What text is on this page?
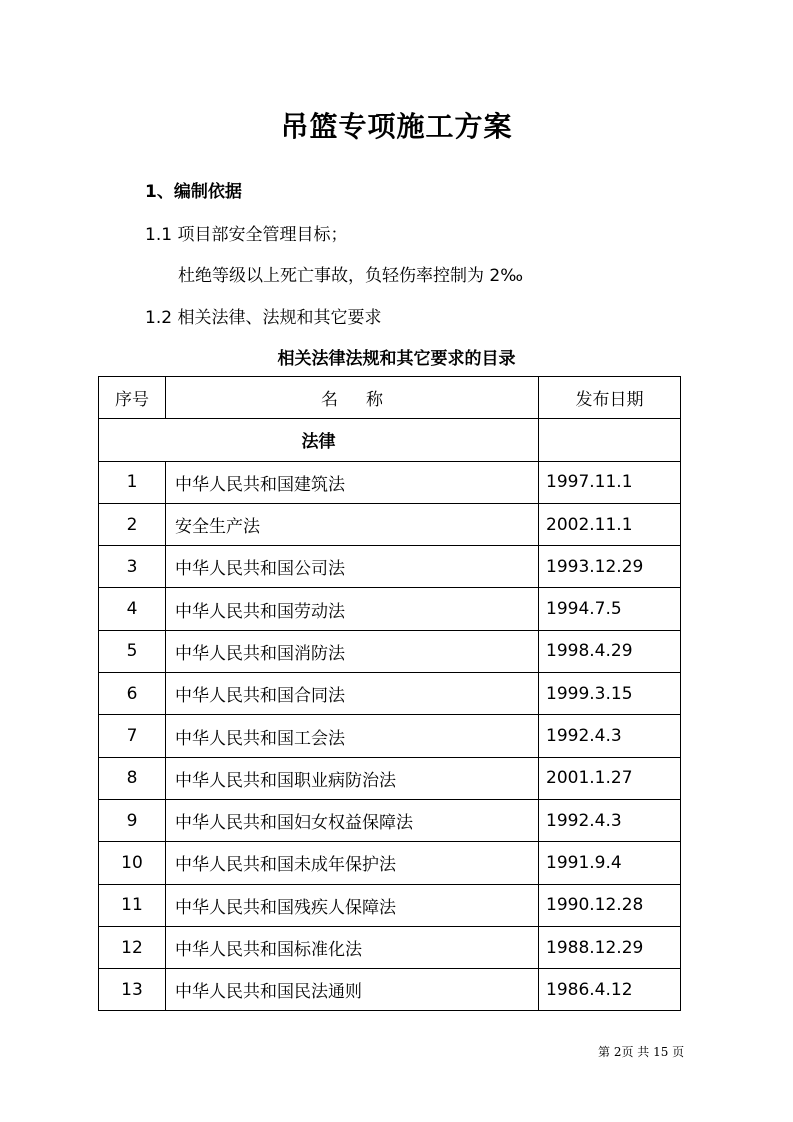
吊篮专项施工方案
1、编制依据
1.1 项目部安全管理目标；
杜绝等级以上死亡事故，负轻伤率控制为 2‰
1.2 相关法律、法规和其它要求
相关法律法规和其它要求的目录
序号	名称	发布日期
法律		
1	中华人民共和国建筑法	1997.11.1
2	安全生产法	2002.11.1
3	中华人民共和国公司法	1993.12.29
4	中华人民共和国劳动法	1994.7.5
5	中华人民共和国消防法	1998.4.29
6	中华人民共和国合同法	1999.3.15
7	中华人民共和国工会法	1992.4.3
8	中华人民共和国职业病防治法	2001.1.27
9	中华人民共和国妇女权益保障法	1992.4.3
10	中华人民共和国未成年保护法	1991.9.4
11	中华人民共和国残疾人保障法	1990.12.28
12	中华人民共和国标准化法	1988.12.29
13	中华人民共和国民法通则	1986.4.12
第 2页 共 15 页
